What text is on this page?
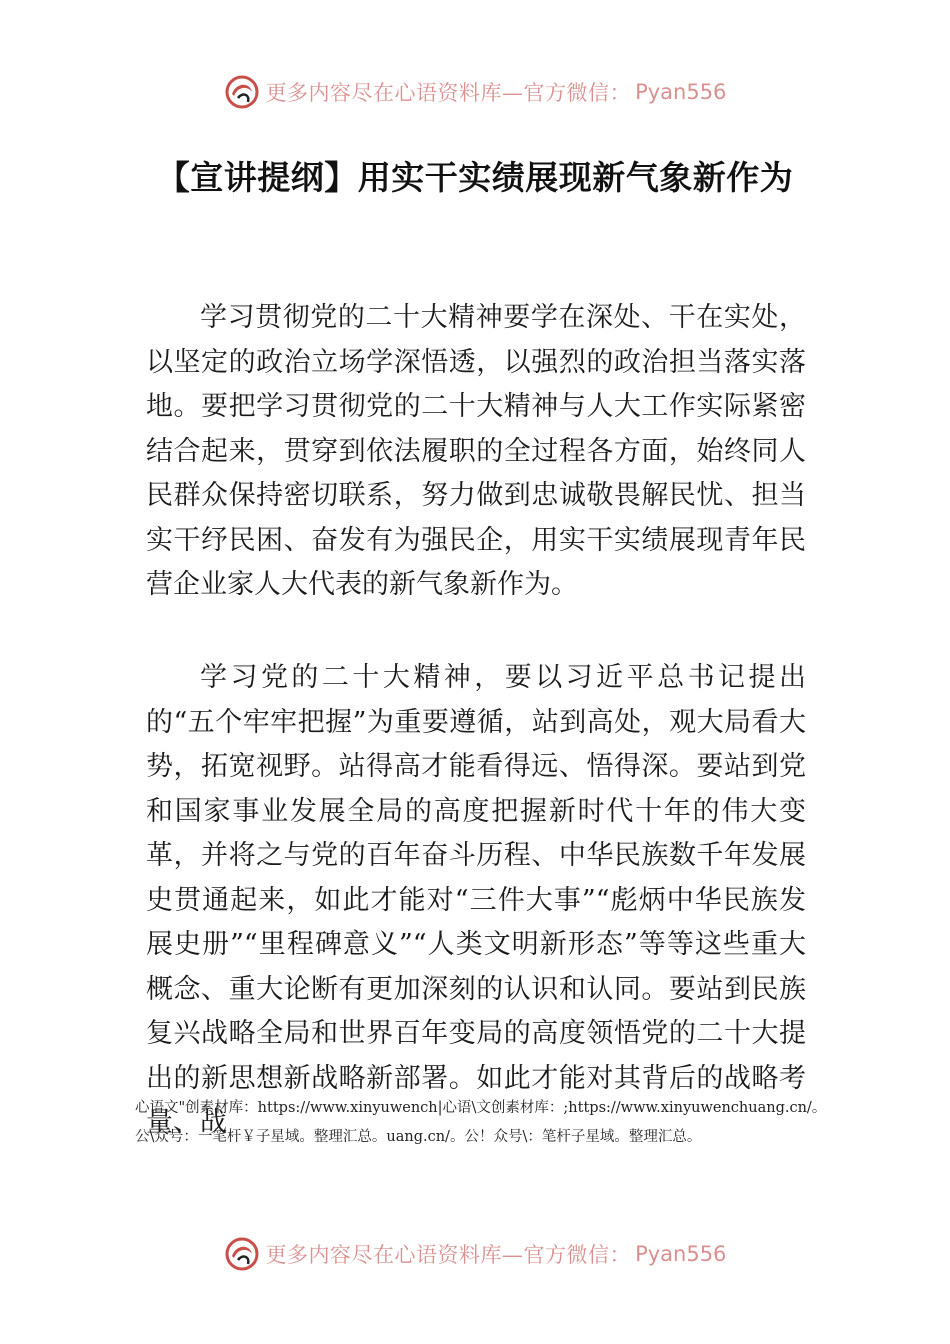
更多内容尽在心语资料库—官方微信： Pyan556
【宣讲提纲】用实干实绩展现新气象新作为

学习贯彻党的二十大精神要学在深处、干在实处，以坚定的政治立场学深悟透，以强烈的政治担当落实落地。要把学习贯彻党的二十大精神与人大工作实际紧密结合起来，贯穿到依法履职的全过程各方面，始终同人民群众保持密切联系，努力做到忠诚敬畏解民忧、担当实干纾民困、奋发有为强民企，用实干实绩展现青年民营企业家人大代表的新气象新作为。

学习党的二十大精神，要以习近平总书记提出的“五个牢牢把握”为重要遵循，站到高处，观大局看大势，拓宽视野。站得高才能看得远、悟得深。要站到党和国家事业发展全局的高度把握新时代十年的伟大变革，并将之与党的百年奋斗历程、中华民族数千年发展史贯通起来，如此才能对“三件大事”“彪炳中华民族发展史册”“里程碑意义”“人类文明新形态”等等这些重大概念、重大论断有更加深刻的认识和认同。要站到民族复兴战略全局和世界百年变局的高度领悟党的二十大提出的新思想新战略新部署。如此才能对其背后的战略考量、战

心语文"创素材库：https://www.xinyuwench|心语\文创素材库：;https://www.xinyuwenchuang.cn/。公\众号：一笔杆￥子星域。整理汇总。uang.cn/。公！众号\：笔杆子星域。整理汇总。

更多内容尽在心语资料库—官方微信： Pyan556
